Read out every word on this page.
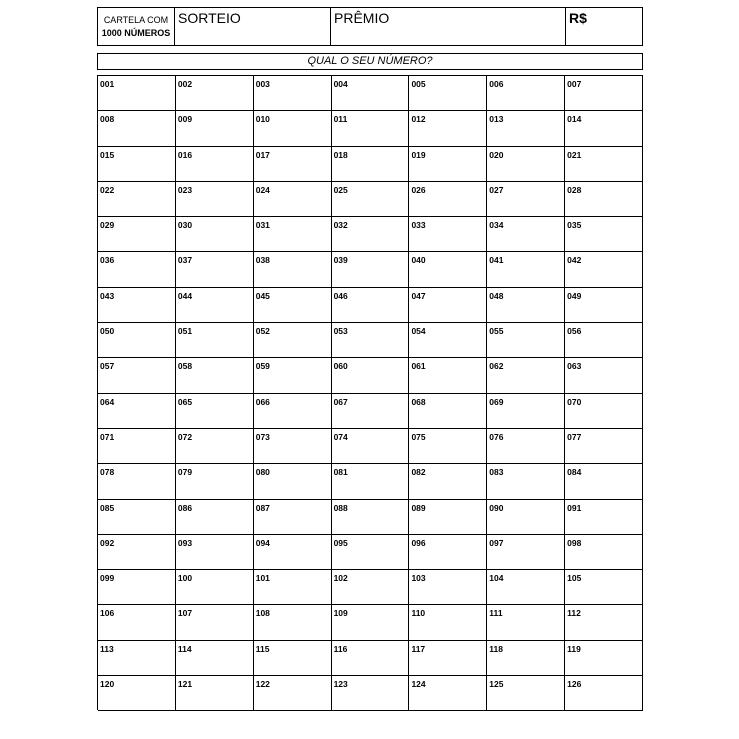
CARTELA COM
1000 NÚMEROS
SORTEIO	PRÊMIO	R$
QUAL O SEU NÚMERO?
001	002	003	004	005	006	007
008	009	010	011	012	013	014
015	016	017	018	019	020	021
022	023	024	025	026	027	028
029	030	031	032	033	034	035
036	037	038	039	040	041	042
043	044	045	046	047	048	049
050	051	052	053	054	055	056
057	058	059	060	061	062	063
064	065	066	067	068	069	070
071	072	073	074	075	076	077
078	079	080	081	082	083	084
085	086	087	088	089	090	091
092	093	094	095	096	097	098
099	100	101	102	103	104	105
106	107	108	109	110	111	112
113	114	115	116	117	118	119
120	121	122	123	124	125	126
